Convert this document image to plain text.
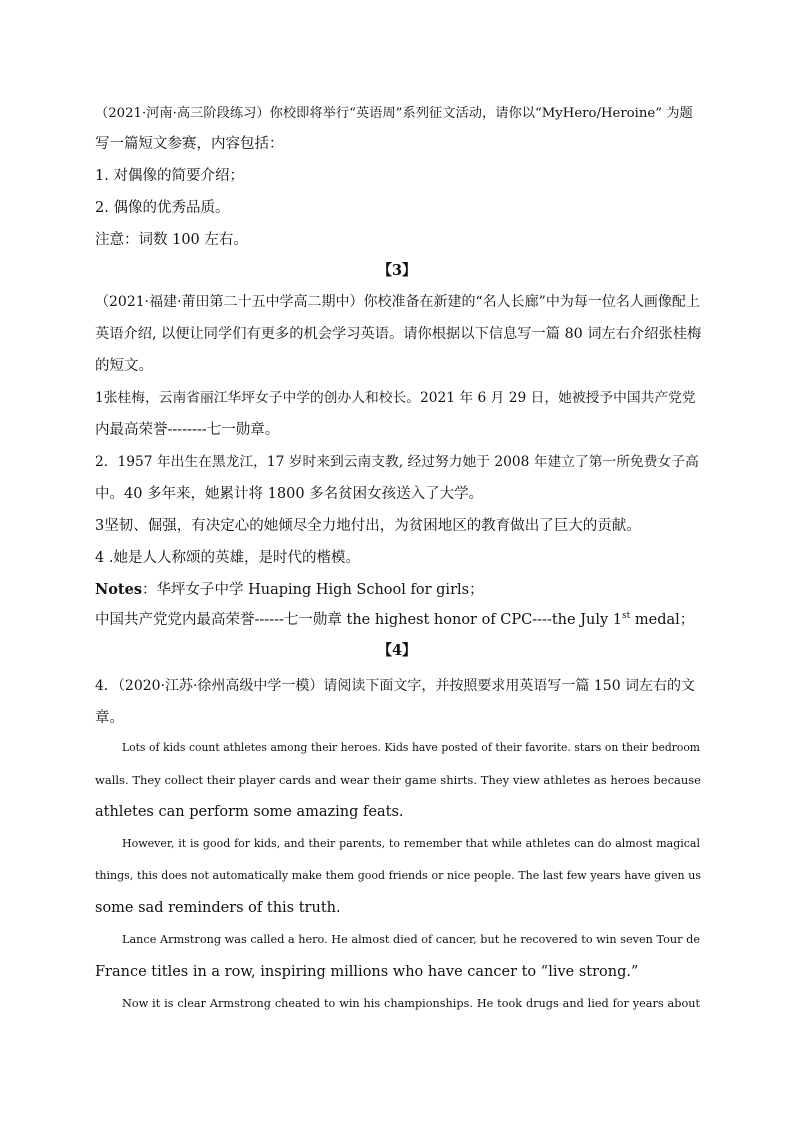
（2021·河南·高三阶段练习）你校即将举行“英语周”系列征文活动，请你以“MyHero/Heroine” 为题
写一篇短文参赛，内容包括：
1. 对偶像的简要介绍；
2. 偶像的优秀品质。
注意：词数 100 左右。
【3】
（2021·福建·莆田第二十五中学高二期中）你校准备在新建的“名人长廊”中为每一位名人画像配上
英语介绍, 以便让同学们有更多的机会学习英语。请你根据以下信息写一篇 80 词左右介绍张桂梅
的短文。
1张桂梅，云南省丽江华坪女子中学的创办人和校长。2021 年 6 月 29 日，她被授予中国共产党党
内最高荣誉--------七一勋章。
2．1957 年出生在黑龙江，17 岁时来到云南支教, 经过努力她于 2008 年建立了第一所免费女子高
中。40 多年来，她累计将 1800 多名贫困女孩送入了大学。
3坚韧、倔强，有决定心的她倾尽全力地付出，为贫困地区的教育做出了巨大的贡献。
4 .她是人人称颂的英雄，是时代的楷模。
Notes：华坪女子中学 Huaping High School for girls；
中国共产党党内最高荣誉------七一勋章 the highest honor of CPC----the July 1st medal；
【4】
4．（2020·江苏·徐州高级中学一模）请阅读下面文字，并按照要求用英语写一篇 150 词左右的文
章。
Lots of kids count athletes among their heroes. Kids have posted of their favorite. stars on their bedroom
walls. They collect their player cards and wear their game shirts. They view athletes as heroes because
athletes can perform some amazing feats.
However, it is good for kids, and their parents, to remember that while athletes can do almost magical
things, this does not automatically make them good friends or nice people. The last few years have given us
some sad reminders of this truth.
Lance Armstrong was called a hero. He almost died of cancer, but he recovered to win seven Tour de
France titles in a row, inspiring millions who have cancer to “live strong.”
Now it is clear Armstrong cheated to win his championships. He took drugs and lied for years about
